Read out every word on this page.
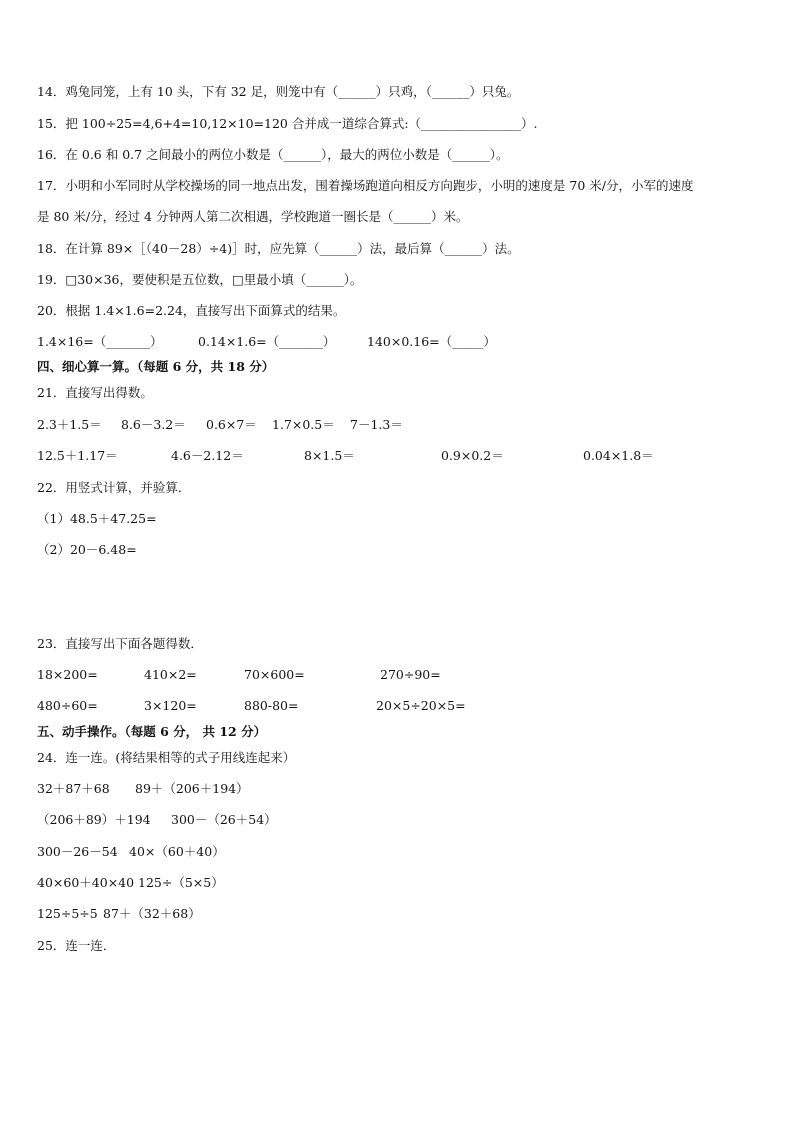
14．鸡兔同笼，上有 10 头，下有 32 足，则笼中有（______）只鸡，（______）只兔。
15．把 100÷25=4,6+4=10,12×10=120 合并成一道综合算式:（________________）.
16．在 0.6 和 0.7 之间最小的两位小数是（______），最大的两位小数是（______）。
17．小明和小军同时从学校操场的同一地点出发，围着操场跑道向相反方向跑步，小明的速度是 70 米/分，小军的速度
是 80 米/分，经过 4 分钟两人第二次相遇，学校跑道一圈长是（______）米。
18．在计算 89×［（40－28）÷4)］时，应先算（______）法，最后算（______）法。
19．□30×36，要使积是五位数，□里最小填（______）。
20．根据 1.4×1.6=2.24，直接写出下面算式的结果。
1.4×16=（_______）	0.14×1.6=（_______）	140×0.16=（_____）
四、细心算一算。（每题 6 分，共 18 分）
21．直接写出得数。
2.3＋1.5＝ 8.6－3.2＝ 0.6×7＝ 1.7×0.5＝ 7－1.3＝
12.5＋1.17＝	4.6－2.12＝	8×1.5＝	0.9×0.2＝	0.04×1.8＝
22．用竖式计算，并验算．
（1）48.5＋47.25=
（2）20－6.48=
23．直接写出下面各题得数．
18×200=	410×2=	70×600=	270÷90=
480÷60=	3×120=	880-80=	20×5÷20×5=
五、动手操作。（每题 6 分， 共 12 分）
24．连一连。(将结果相等的式子用线连起来）
32＋87＋68 89＋（206＋194）
（206＋89）＋194 300－（26＋54）
300－26－54 40×（60＋40）
40×60＋40×40 125÷（5×5）
125÷5÷5 87＋（32＋68）
25．连一连．
